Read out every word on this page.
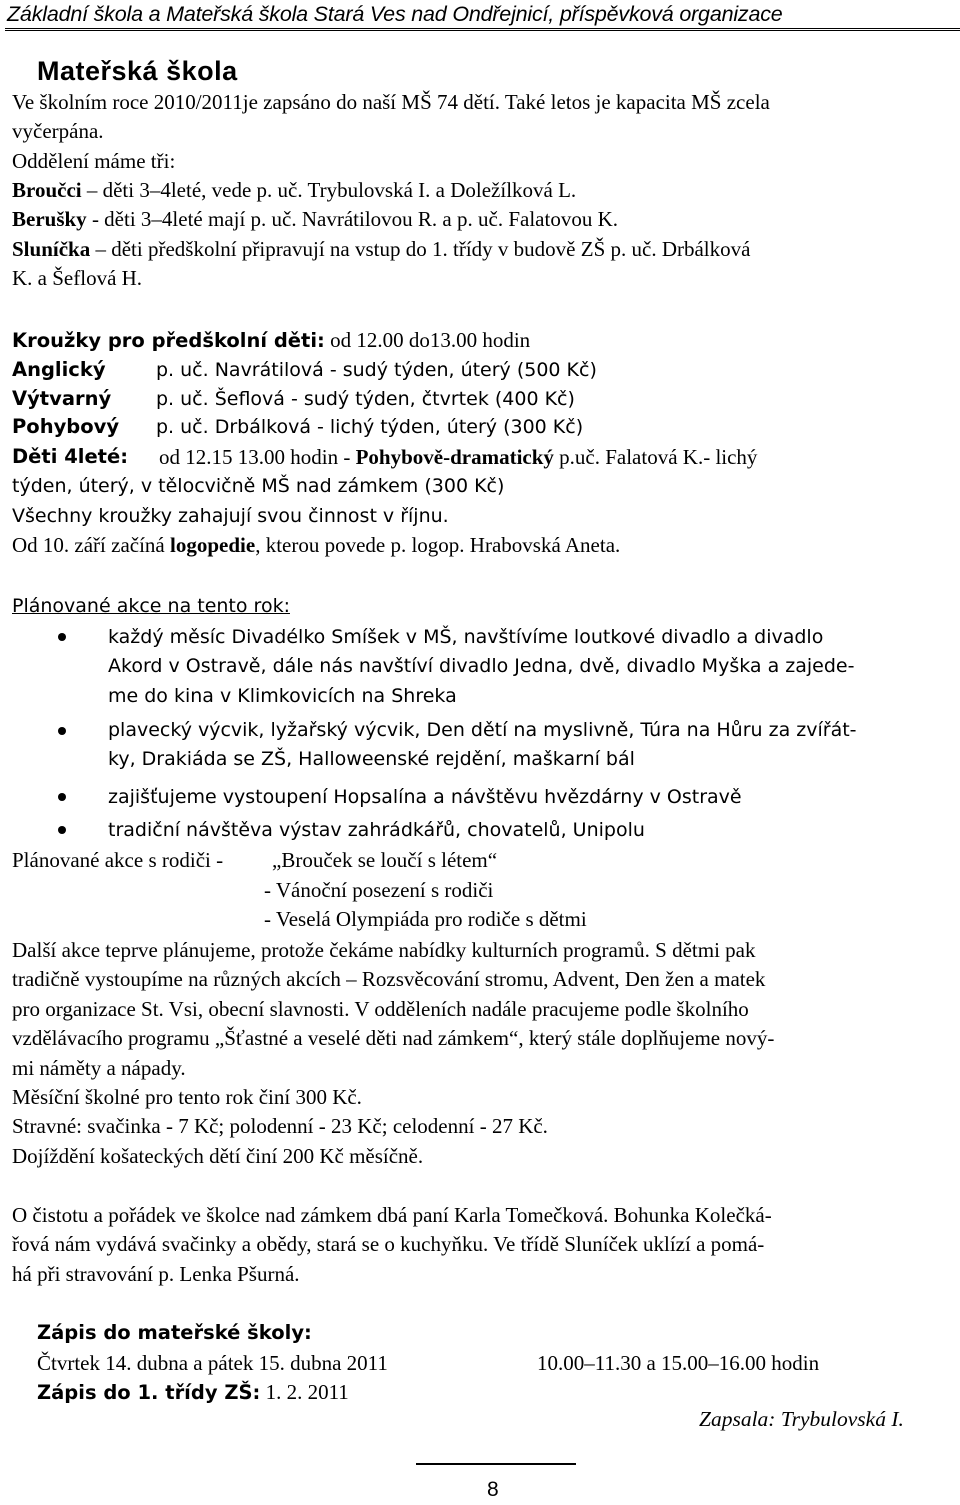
Základní škola a Mateřská škola Stará Ves nad Ondřejnicí, příspěvková organizace
Mateřská škola
Ve školním roce 2010/2011je zapsáno do naší MŠ 74 dětí. Také letos je kapacita MŠ zcela
vyčerpána.
Oddělení máme tři:
Broučci – děti 3–4leté, vede p. uč. Trybulovská I. a Doležílková L.
Berušky - děti 3–4leté mají p. uč. Navrátilovou R. a p. uč. Falatovou K.
Sluníčka – děti předškolní připravují na vstup do 1. třídy v budově ZŠ p. uč. Drbálková
K. a Šeflová H.
Kroužky pro předškolní děti: od 12.00 do13.00 hodin
Anglický	p. uč. Navrátilová - sudý týden, úterý (500 Kč)
Výtvarný p. uč. Šeflová - sudý týden, čtvrtek (400 Kč)
Pohybový p. uč. Drbálková - lichý týden, úterý (300 Kč)
Děti 4leté: od 12.15 13.00 hodin - Pohybově-dramatický p.uč. Falatová K.- lichý
týden, úterý, v tělocvičně MŠ nad zámkem (300 Kč)
Všechny kroužky zahajují svou činnost v říjnu.
Od 10. září začíná logopedie, kterou povede p. logop. Hrabovská Aneta.
Plánované akce na tento rok:
každý měsíc Divadélko Smíšek v MŠ, navštívíme loutkové divadlo a divadlo
Akord v Ostravě, dále nás navštíví divadlo Jedna, dvě, divadlo Myška a zajede-
me do kina v Klimkovicích na Shreka
plavecký výcvik, lyžařský výcvik, Den dětí na myslivně, Túra na Hůru za zvířát-
ky, Drakiáda se ZŠ, Halloweenské rejdění, maškarní bál
zajišťujeme vystoupení Hopsalína a návštěvu hvězdárny v Ostravě
tradiční návštěva výstav zahrádkářů, chovatelů, Unipolu
Plánované akce s rodiči - „Brouček se loučí s létem“
- Vánoční posezení s rodiči
- Veselá Olympiáda pro rodiče s dětmi
Další akce teprve plánujeme, protože čekáme nabídky kulturních programů. S dětmi pak
tradičně vystoupíme na různých akcích – Rozsvěcování stromu, Advent, Den žen a matek
pro organizace St. Vsi, obecní slavnosti. V odděleních nadále pracujeme podle školního
vzdělávacího programu „Šťastné a veselé děti nad zámkem“, který stále doplňujeme nový-
mi náměty a nápady.
Měsíční školné pro tento rok činí 300 Kč.
Stravné: svačinka - 7 Kč; polodenní - 23 Kč; celodenní - 27 Kč.
Dojíždění košateckých dětí činí 200 Kč měsíčně.
O čistotu a pořádek ve školce nad zámkem dbá paní Karla Tomečková. Bohunka Kolečká-
řová nám vydává svačinky a obědy, stará se o kuchyňku. Ve třídě Sluníček uklízí a pomá-
há při stravování p. Lenka Pšurná.
Zápis do mateřské školy:
Čtvrtek 14. dubna a pátek 15. dubna 2011	10.00–11.30 a 15.00–16.00 hodin
Zápis do 1. třídy ZŠ: 1. 2. 2011
Zapsala: Trybulovská I.
8
